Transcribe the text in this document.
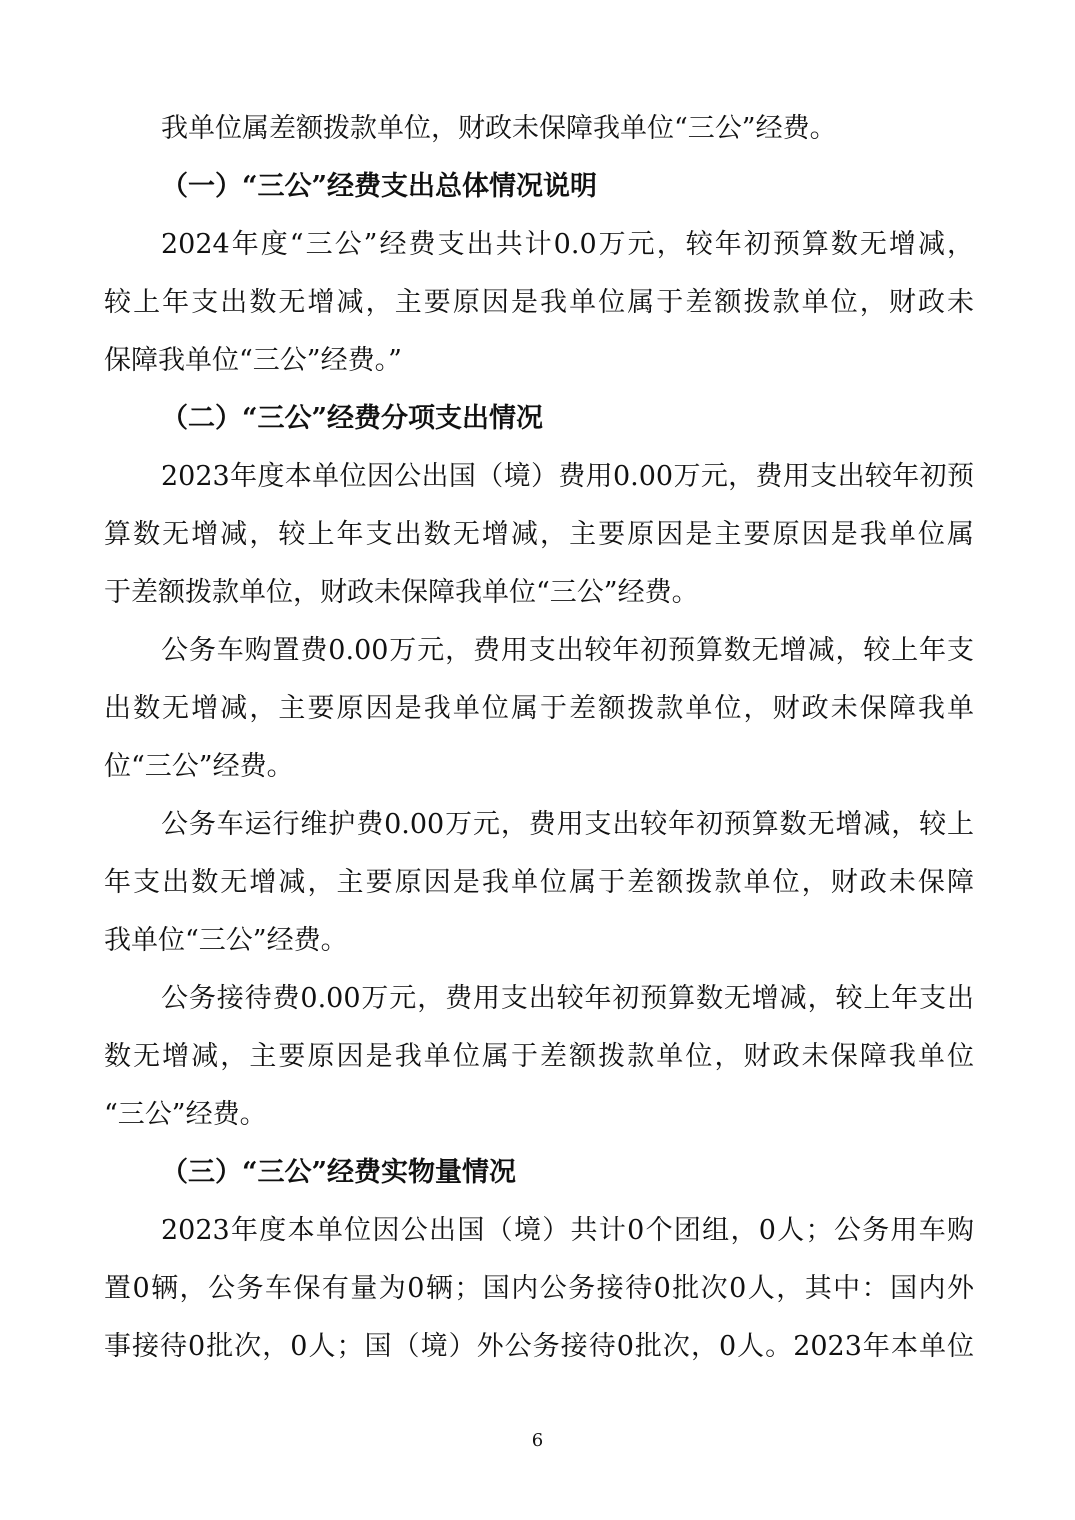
我单位属差额拨款单位，财政未保障我单位“三公”经费。
（一）“三公”经费支出总体情况说明
2024年度“三公”经费支出共计0.0万元，较年初预算数无增减，
较上年支出数无增减，主要原因是我单位属于差额拨款单位，财政未
保障我单位“三公”经费。”
（二）“三公”经费分项支出情况
2023年度本单位因公出国（境）费用0.00万元，费用支出较年初预
算数无增减，较上年支出数无增减，主要原因是主要原因是我单位属
于差额拨款单位，财政未保障我单位“三公”经费。
公务车购置费0.00万元，费用支出较年初预算数无增减，较上年支
出数无增减，主要原因是我单位属于差额拨款单位，财政未保障我单
位“三公”经费。
公务车运行维护费0.00万元，费用支出较年初预算数无增减，较上
年支出数无增减，主要原因是我单位属于差额拨款单位，财政未保障
我单位“三公”经费。
公务接待费0.00万元，费用支出较年初预算数无增减，较上年支出
数无增减，主要原因是我单位属于差额拨款单位，财政未保障我单位
“三公”经费。
（三）“三公”经费实物量情况
2023年度本单位因公出国（境）共计0个团组，0人；公务用车购
置0辆，公务车保有量为0辆；国内公务接待0批次0人，其中：国内外
事接待0批次，0人；国（境）外公务接待0批次，0人。2023年本单位
6
